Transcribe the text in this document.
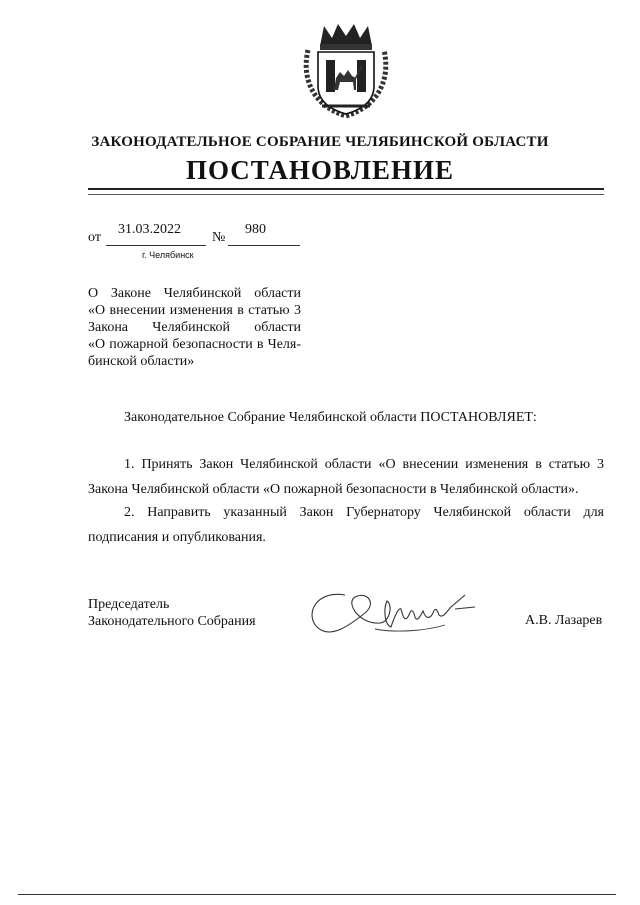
ЗАКОНОДАТЕЛЬНОЕ СОБРАНИЕ ЧЕЛЯБИНСКОЙ ОБЛАСТИ
ПОСТАНОВЛЕНИЕ
от
31.03.2022
№
980
г. Челябинск
О Законе Челябинской области
«О внесении изменения в статью 3
Закона Челябинской области
«О пожарной безопасности в Челя-
бинской области»
Законодательное Собрание Челябинской области ПОСТАНОВЛЯЕТ:
1. Принять Закон Челябинской области «О внесении изменения в статью 3 Закона Челябинской области «О пожарной безопасности в Челябинской области».
2. Направить указанный Закон Губернатору Челябинской области для подписания и опубликования.
Председатель
Законодательного Собрания	А.В. Лазарев
